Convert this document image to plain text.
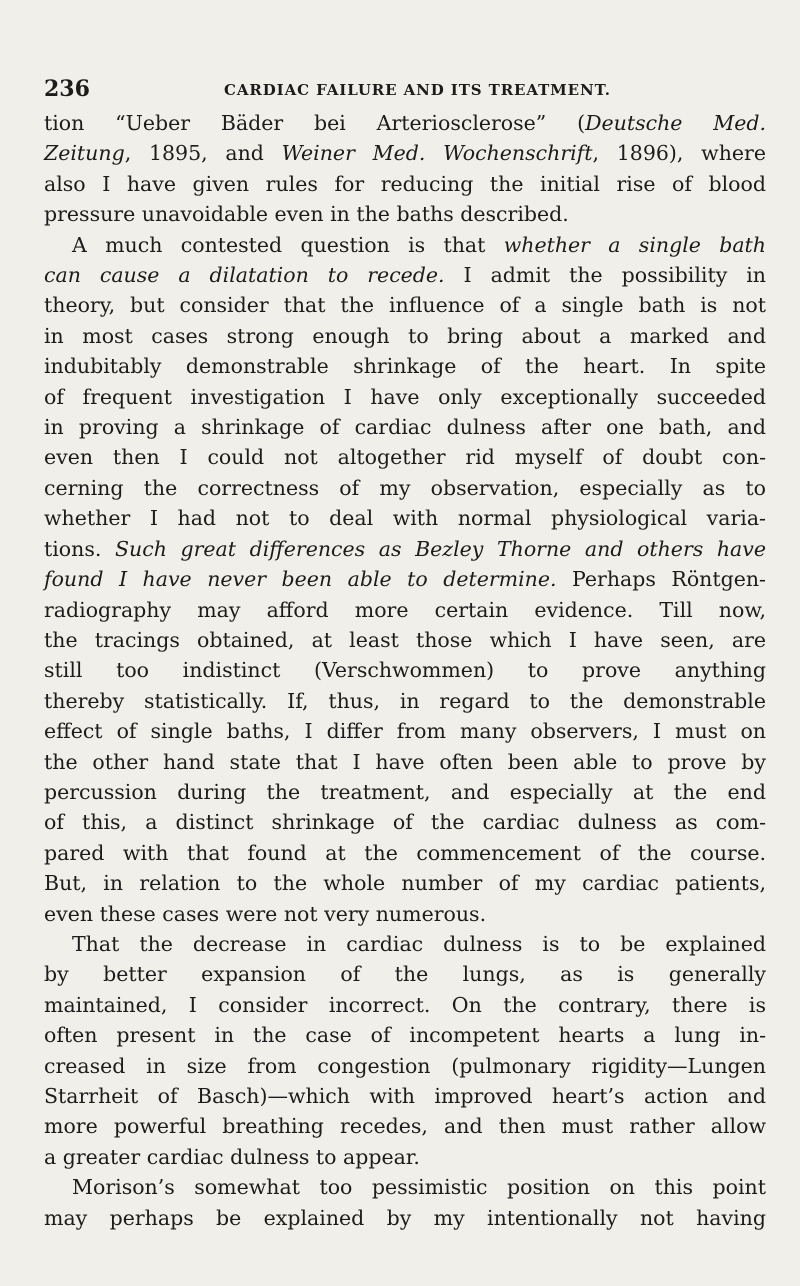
236	CARDIAC FAILURE AND ITS TREATMENT.

tion “Ueber Bäder bei Arteriosclerose” (Deutsche Med.
Zeitung, 1895, and Weiner Med. Wochenschrift, 1896), where
also I have given rules for reducing the initial rise of blood
pressure unavoidable even in the baths described.

A much contested question is that whether a single bath
can cause a dilatation to recede. I admit the possibility in
theory, but consider that the influence of a single bath is not
in most cases strong enough to bring about a marked and
indubitably demonstrable shrinkage of the heart. In spite
of frequent investigation I have only exceptionally succeeded
in proving a shrinkage of cardiac dulness after one bath, and
even then I could not altogether rid myself of doubt con-
cerning the correctness of my observation, especially as to
whether I had not to deal with normal physiological varia-
tions. Such great differences as Bezley Thorne and others have
found I have never been able to determine. Perhaps Röntgen-
radiography may afford more certain evidence. Till now,
the tracings obtained, at least those which I have seen, are
still too indistinct (Verschwommen) to prove anything
thereby statistically. If, thus, in regard to the demonstrable
effect of single baths, I differ from many observers, I must on
the other hand state that I have often been able to prove by
percussion during the treatment, and especially at the end
of this, a distinct shrinkage of the cardiac dulness as com-
pared with that found at the commencement of the course.
But, in relation to the whole number of my cardiac patients,
even these cases were not very numerous.

That the decrease in cardiac dulness is to be explained
by better expansion of the lungs, as is generally
maintained, I consider incorrect. On the contrary, there is
often present in the case of incompetent hearts a lung in-
creased in size from congestion (pulmonary rigidity—Lungen
Starrheit of Basch)—which with improved heart’s action and
more powerful breathing recedes, and then must rather allow
a greater cardiac dulness to appear.

Morison’s somewhat too pessimistic position on this point
may perhaps be explained by my intentionally not having
